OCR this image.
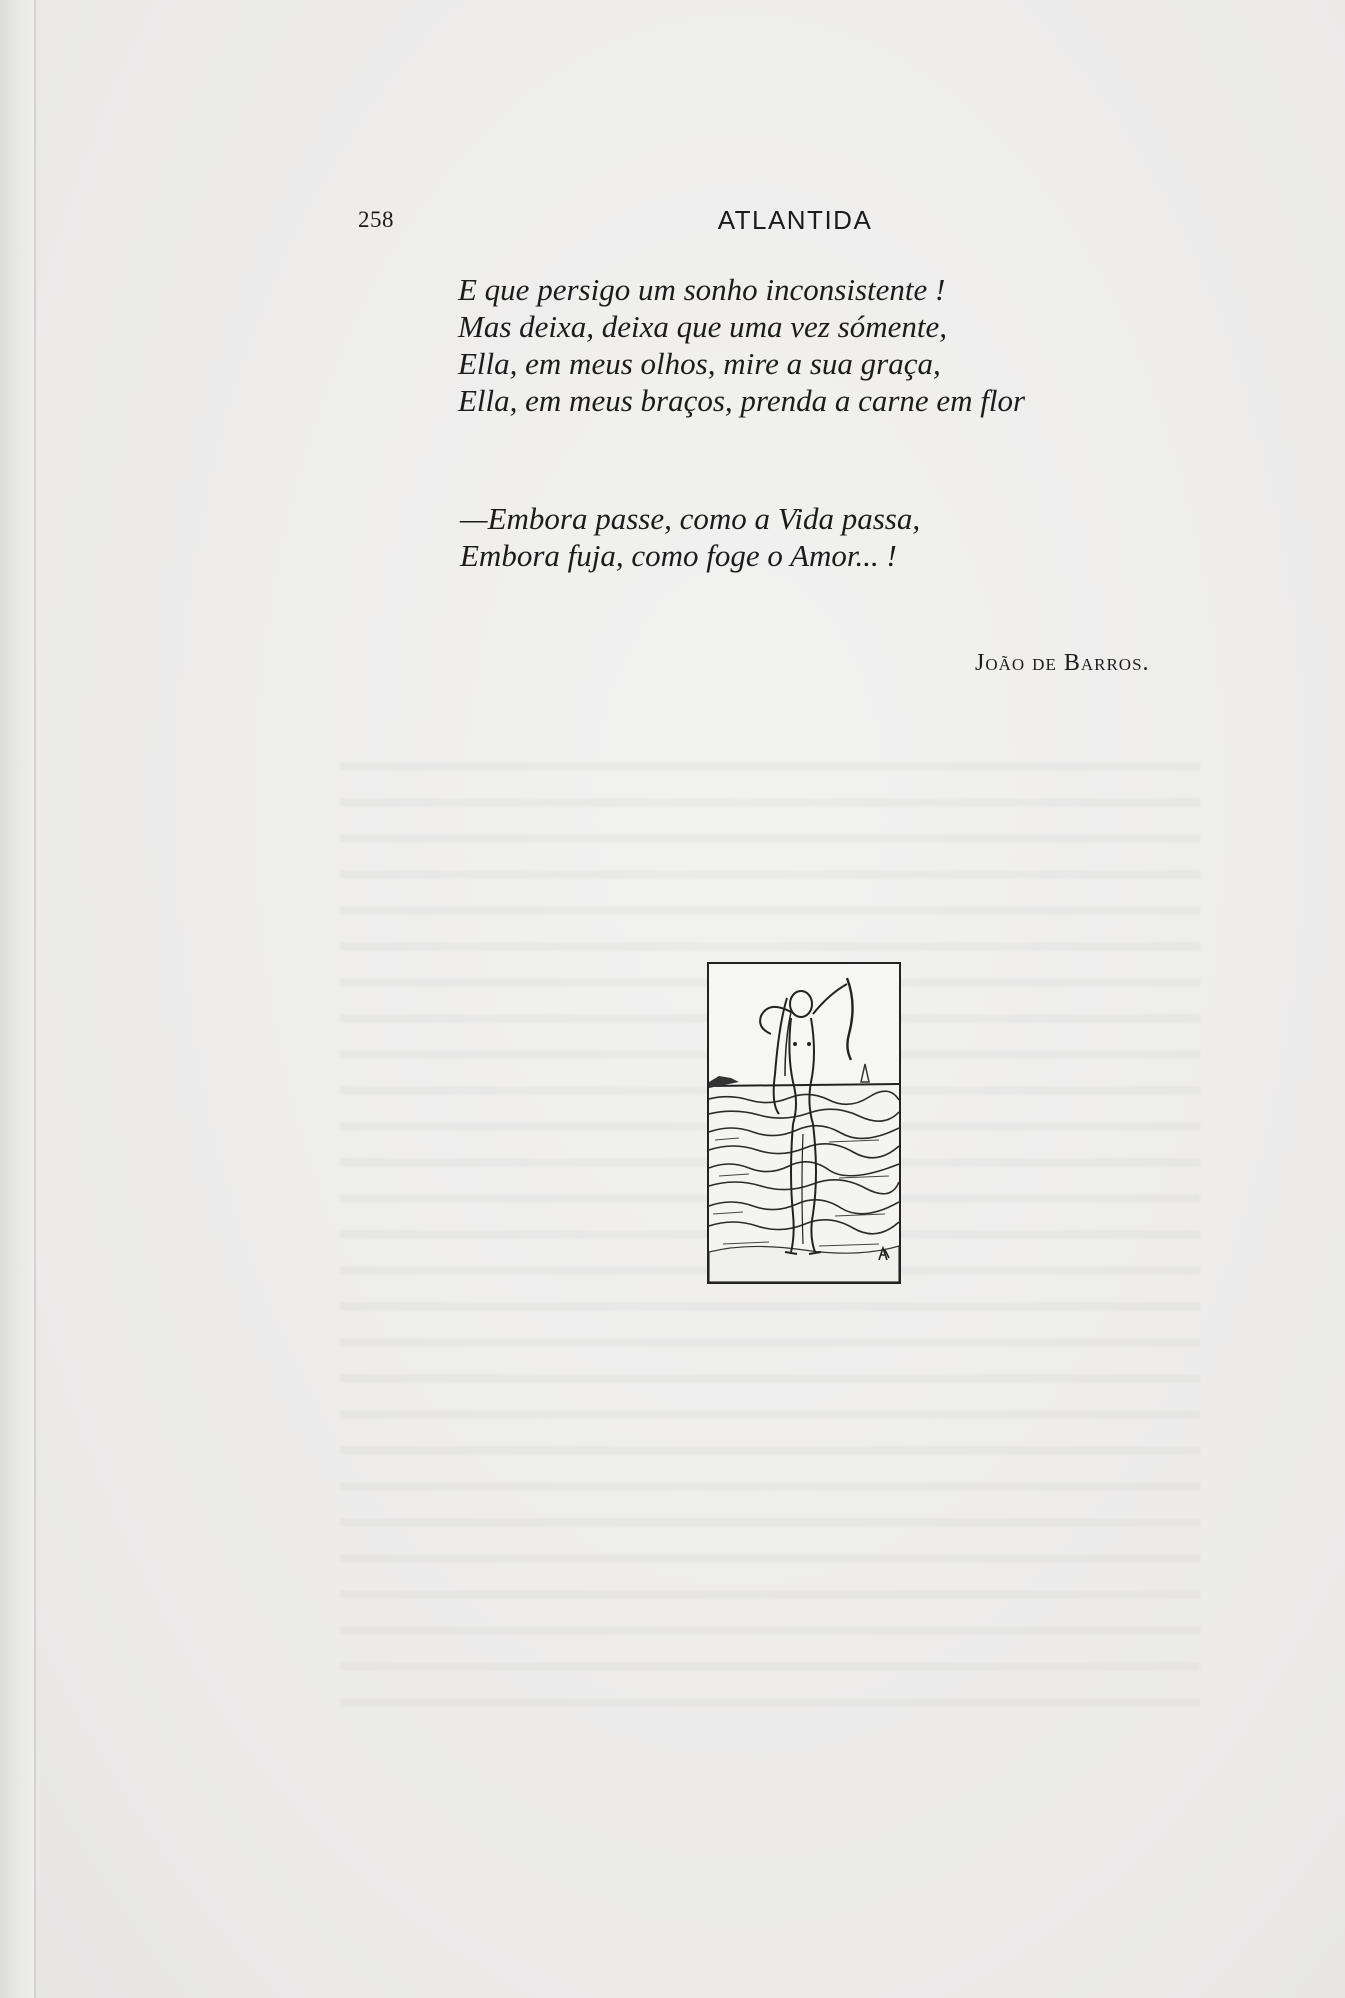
258	ATLANTIDA
E que persigo um sonho inconsistente !
Mas deixa, deixa que uma vez sómente,
Ella, em meus olhos, mire a sua graça,
Ella, em meus braços, prenda a carne em flor
—Embora passe, como a Vida passa,
Embora fuja, como foge o Amor... !
João de Barros.
